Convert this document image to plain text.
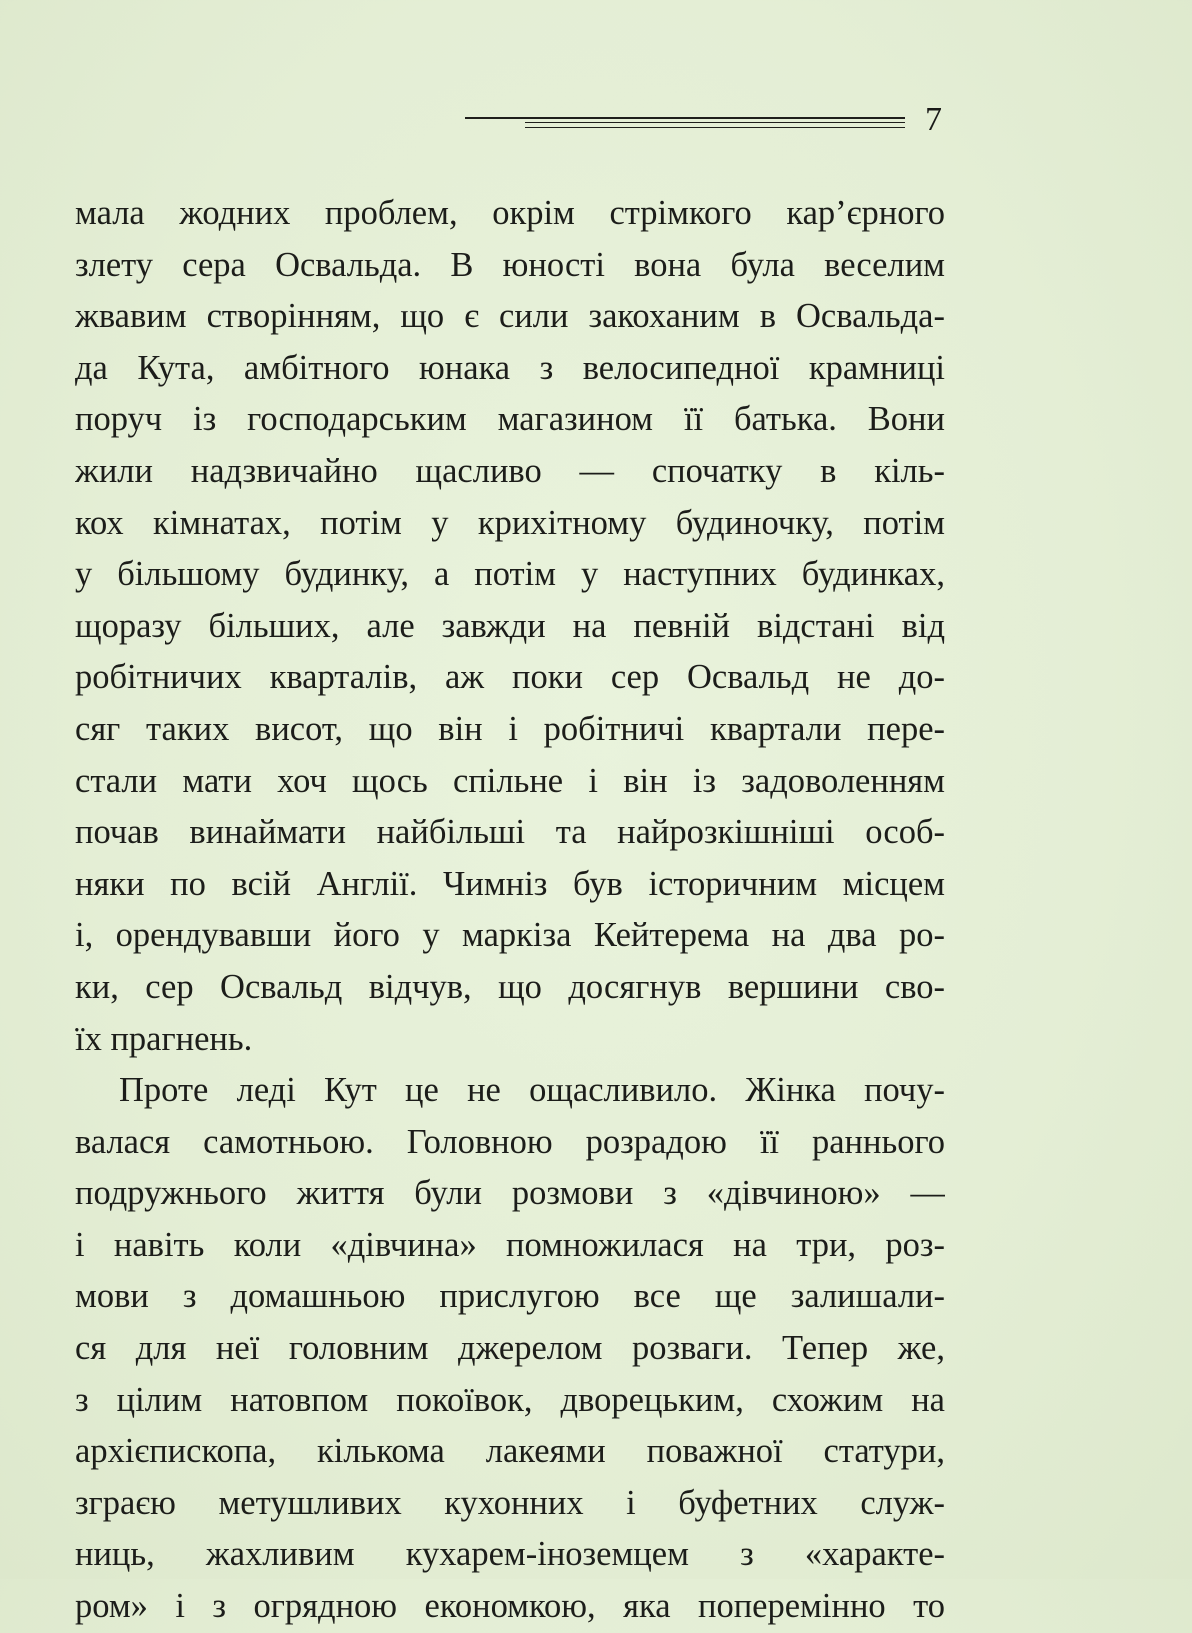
7
мала жодних проблем, окрім стрімкого кар’єрного
злету сера Освальда. В юності вона була веселим
жвавим створінням, що є сили закоханим в Освальда-
да Кута, амбітного юнака з велосипедної крамниці
поруч із господарським магазином її батька. Вони
жили надзвичайно щасливо — спочатку в кіль-
кох кімнатах, потім у крихітному будиночку, потім
у більшому будинку, а потім у наступних будинках,
щоразу більших, але завжди на певній відстані від
робітничих кварталів, аж поки сер Освальд не до-
сяг таких висот, що він і робітничі квартали пере-
стали мати хоч щось спільне і він із задоволенням
почав винаймати найбільші та найрозкішніші особ-
няки по всій Англії. Чимніз був історичним місцем
і, орендувавши його у маркіза Кейтерема на два ро-
ки, сер Освальд відчув, що досягнув вершини сво-
їх прагнень.
Проте леді Кут це не ощасливило. Жінка почу-
валася самотньою. Головною розрадою її раннього
подружнього життя були розмови з «дівчиною» —
і навіть коли «дівчина» помножилася на три, роз-
мови з домашньою прислугою все ще залишали-
ся для неї головним джерелом розваги. Тепер же,
з цілим натовпом покоївок, дворецьким, схожим на
архієпископа, кількома лакеями поважної статури,
зграєю метушливих кухонних і буфетних служ-
ниць, жахливим кухарем-іноземцем з «характе-
ром» і з огрядною економкою, яка поперемінно то
